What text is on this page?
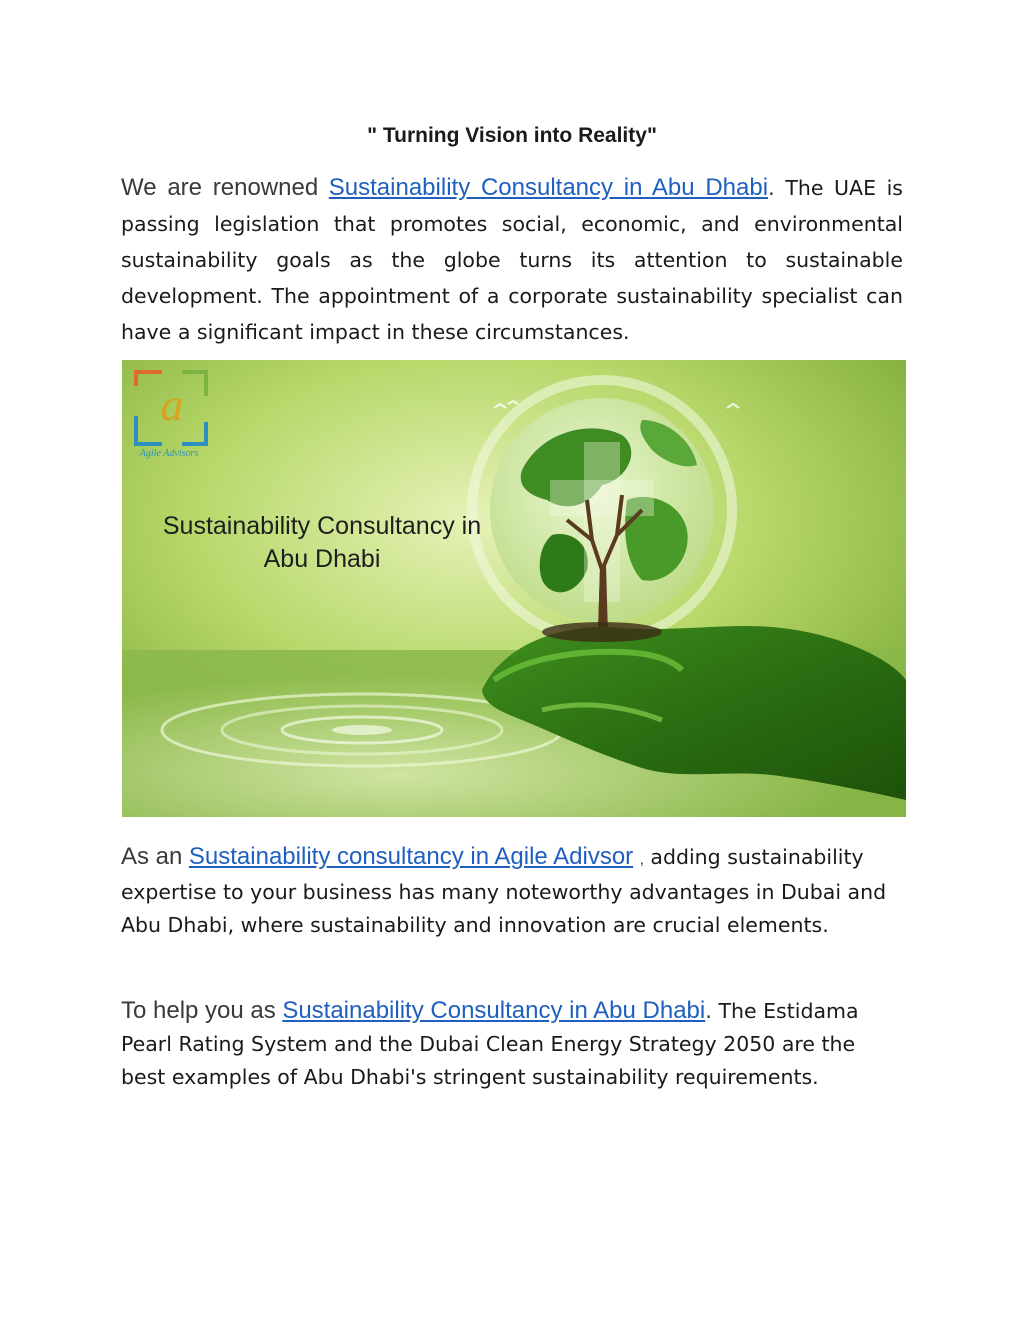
" Turning Vision into Reality"
We are renowned Sustainability Consultancy in Abu Dhabi. The UAE is passing legislation that promotes social, economic, and environmental sustainability goals as the globe turns its attention to sustainable development. The appointment of a corporate sustainability specialist can have a significant impact in these circumstances.
a
Agile Advisors
Sustainability Consultancy in
Abu Dhabi
As an Sustainability consultancy in Agile Adivsor , adding sustainability expertise to your business has many noteworthy advantages in Dubai and Abu Dhabi, where sustainability and innovation are crucial elements.
To help you as Sustainability Consultancy in Abu Dhabi. The Estidama Pearl Rating System and the Dubai Clean Energy Strategy 2050 are the best examples of Abu Dhabi's stringent sustainability requirements.
